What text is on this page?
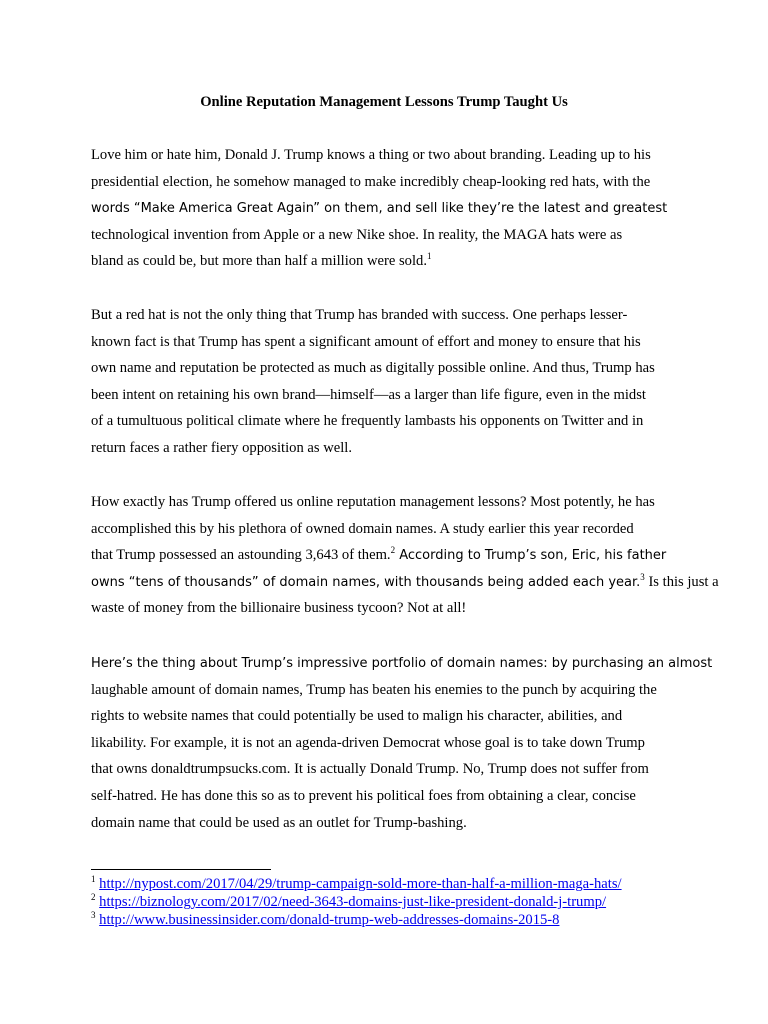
Online Reputation Management Lessons Trump Taught Us
Love him or hate him, Donald J. Trump knows a thing or two about branding. Leading up to his
presidential election, he somehow managed to make incredibly cheap-looking red hats, with the
words “Make America Great Again” on them, and sell like they’re the latest and greatest
technological invention from Apple or a new Nike shoe. In reality, the MAGA hats were as
bland as could be, but more than half a million were sold.$^1$
But a red hat is not the only thing that Trump has branded with success. One perhaps lesser-
known fact is that Trump has spent a significant amount of effort and money to ensure that his
own name and reputation be protected as much as digitally possible online. And thus, Trump has
been intent on retaining his own brand—himself—as a larger than life figure, even in the midst
of a tumultuous political climate where he frequently lambasts his opponents on Twitter and in
return faces a rather fiery opposition as well.
How exactly has Trump offered us online reputation management lessons? Most potently, he has
accomplished this by his plethora of owned domain names. A study earlier this year recorded
that Trump possessed an astounding 3,643 of them.$^2$ According to Trump’s son, Eric, his father
owns “tens of thousands” of domain names, with thousands being added each year.$^3$ Is this just a
waste of money from the billionaire business tycoon? Not at all!
Here’s the thing about Trump’s impressive portfolio of domain names: by purchasing an almost
laughable amount of domain names, Trump has beaten his enemies to the punch by acquiring the
rights to website names that could potentially be used to malign his character, abilities, and
likability. For example, it is not an agenda-driven Democrat whose goal is to take down Trump
that owns donaldtrumpsucks.com. It is actually Donald Trump. No, Trump does not suffer from
self-hatred. He has done this so as to prevent his political foes from obtaining a clear, concise
domain name that could be used as an outlet for Trump-bashing.
$^1$ http://nypost.com/2017/04/29/trump-campaign-sold-more-than-half-a-million-maga-hats/
$^2$ https://biznology.com/2017/02/need-3643-domains-just-like-president-donald-j-trump/
$^3$ http://www.businessinsider.com/donald-trump-web-addresses-domains-2015-8
